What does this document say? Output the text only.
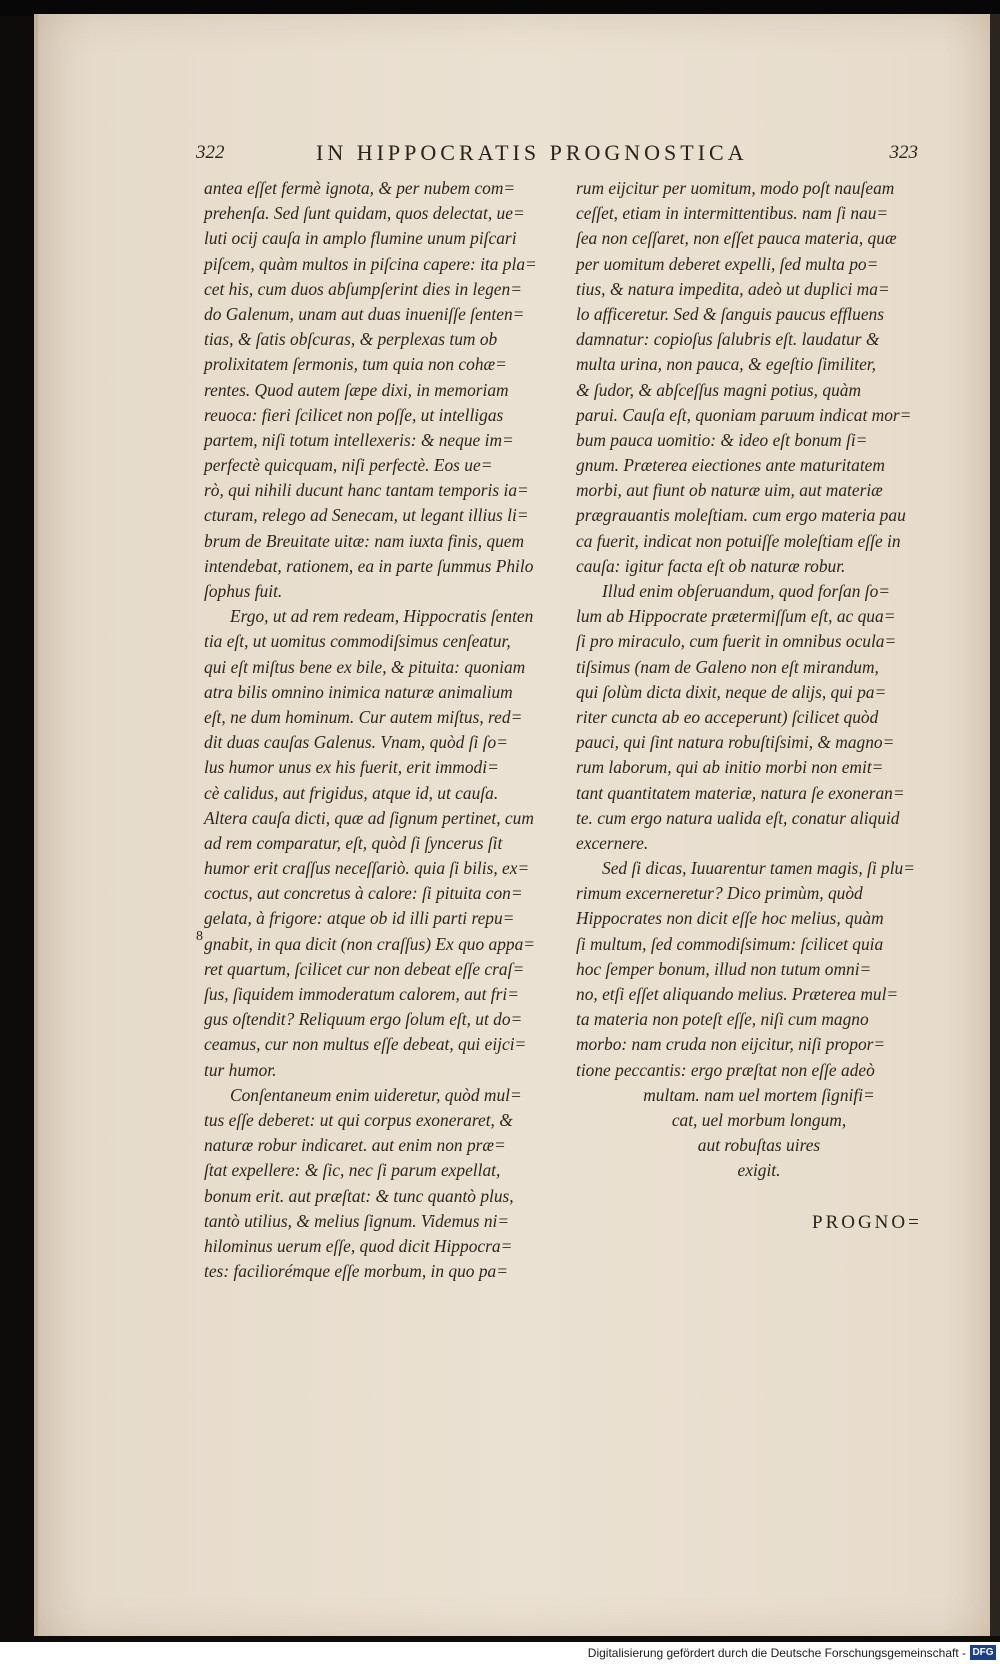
322	IN HIPPOCRATIS PROGNOSTICA	323
antea eſſet fermè ignota, & per nubem com=
prehenſa. Sed ſunt quidam, quos delectat, ue=
luti ocij cauſa in amplo flumine unum piſcari
piſcem, quàm multos in piſcina capere: ita pla=
cet his, cum duos abſumpſerint dies in legen=
do Galenum, unam aut duas inueniſſe ſenten=
tias, & ſatis obſcuras, & perplexas tum ob
prolixitatem ſermonis, tum quia non cohæ=
rentes. Quod autem ſæpe dixi, in memoriam
reuoca: fieri ſcilicet non poſſe, ut intelligas
partem, niſi totum intellexeris: & neque im=
perfectè quicquam, niſi perfectè. Eos ue=
rò, qui nihili ducunt hanc tantam temporis ia=
cturam, relego ad Senecam, ut legant illius li=
brum de Breuitate uitæ: nam iuxta finis, quem
intendebat, rationem, ea in parte ſummus Philo
ſophus fuit.
Ergo, ut ad rem redeam, Hippocratis ſenten
tia eſt, ut uomitus commodiſsimus cenſeatur,
qui eſt miſtus bene ex bile, & pituita: quoniam
atra bilis omnino inimica naturæ animalium
eſt, ne dum hominum. Cur autem miſtus, red=
dit duas cauſas Galenus. Vnam, quòd ſi ſo=
lus humor unus ex his fuerit, erit immodi=
cè calidus, aut frigidus, atque id, ut cauſa.
Altera cauſa dicti, quæ ad ſignum pertinet, cum
ad rem comparatur, eſt, quòd ſi ſyncerus ſit
humor erit craſſus neceſſariò. quia ſi bilis, ex=
coctus, aut concretus à calore: ſi pituita con=
gelata, à frigore: atque ob id illi parti repu=
gnabit, in qua dicit (non craſſus) Ex quo appa=
ret quartum, ſcilicet cur non debeat eſſe craſ=
ſus, ſiquidem immoderatum calorem, aut fri=
gus oſtendit? Reliquum ergo ſolum eſt, ut do=
ceamus, cur non multus eſſe debeat, qui eijci=
tur humor.
Conſentaneum enim uideretur, quòd mul=
tus eſſe deberet: ut qui corpus exoneraret, &
naturæ robur indicaret. aut enim non præ=
ſtat expellere: & ſic, nec ſi parum expellat,
bonum erit. aut præſtat: & tunc quantò plus,
tantò utilius, & melius ſignum. Videmus ni=
hilominus uerum eſſe, quod dicit Hippocra=
tes: faciliorémque eſſe morbum, in quo pa=
rum eijcitur per uomitum, modo poſt nauſeam
ceſſet, etiam in intermittentibus. nam ſi nau=
ſea non ceſſaret, non eſſet pauca materia, quæ
per uomitum deberet expelli, ſed multa po=
tius, & natura impedita, adeò ut duplici ma=
lo afficeretur. Sed & ſanguis paucus effluens
damnatur: copioſus ſalubris eſt. laudatur &
multa urina, non pauca, & egeſtio ſimiliter,
& ſudor, & abſceſſus magni potius, quàm
parui. Cauſa eſt, quoniam paruum indicat mor=
bum pauca uomitio: & ideo eſt bonum ſi=
gnum. Præterea eiectiones ante maturitatem
morbi, aut fiunt ob naturæ uim, aut materiæ
prægrauantis moleſtiam. cum ergo materia pau
ca fuerit, indicat non potuiſſe moleſtiam eſſe in
cauſa: igitur facta eſt ob naturæ robur.
Illud enim obſeruandum, quod forſan ſo=
lum ab Hippocrate prætermiſſum eſt, ac qua=
ſi pro miraculo, cum fuerit in omnibus ocula=
tiſsimus (nam de Galeno non eſt mirandum,
qui ſolùm dicta dixit, neque de alijs, qui pa=
riter cuncta ab eo acceperunt) ſcilicet quòd
pauci, qui ſint natura robuſtiſsimi, & magno=
rum laborum, qui ab initio morbi non emit=
tant quantitatem materiæ, natura ſe exoneran=
te. cum ergo natura ualida eſt, conatur aliquid
excernere.
Sed ſi dicas, Iuuarentur tamen magis, ſi plu=
rimum excerneretur? Dico primùm, quòd
Hippocrates non dicit eſſe hoc melius, quàm
ſi multum, ſed commodiſsimum: ſcilicet quia
hoc ſemper bonum, illud non tutum omni=
no, etſi eſſet aliquando melius. Præterea mul=
ta materia non poteſt eſſe, niſi cum magno
morbo: nam cruda non eijcitur, niſi propor=
tione peccantis: ergo præſtat non eſſe adeò
multam. nam uel mortem ſignifi=
cat, uel morbum longum,
aut robuſtas uires
exigit.
8
PROGNO=
Digitalisierung gefördert durch die Deutsche Forschungsgemeinschaft - DFG
